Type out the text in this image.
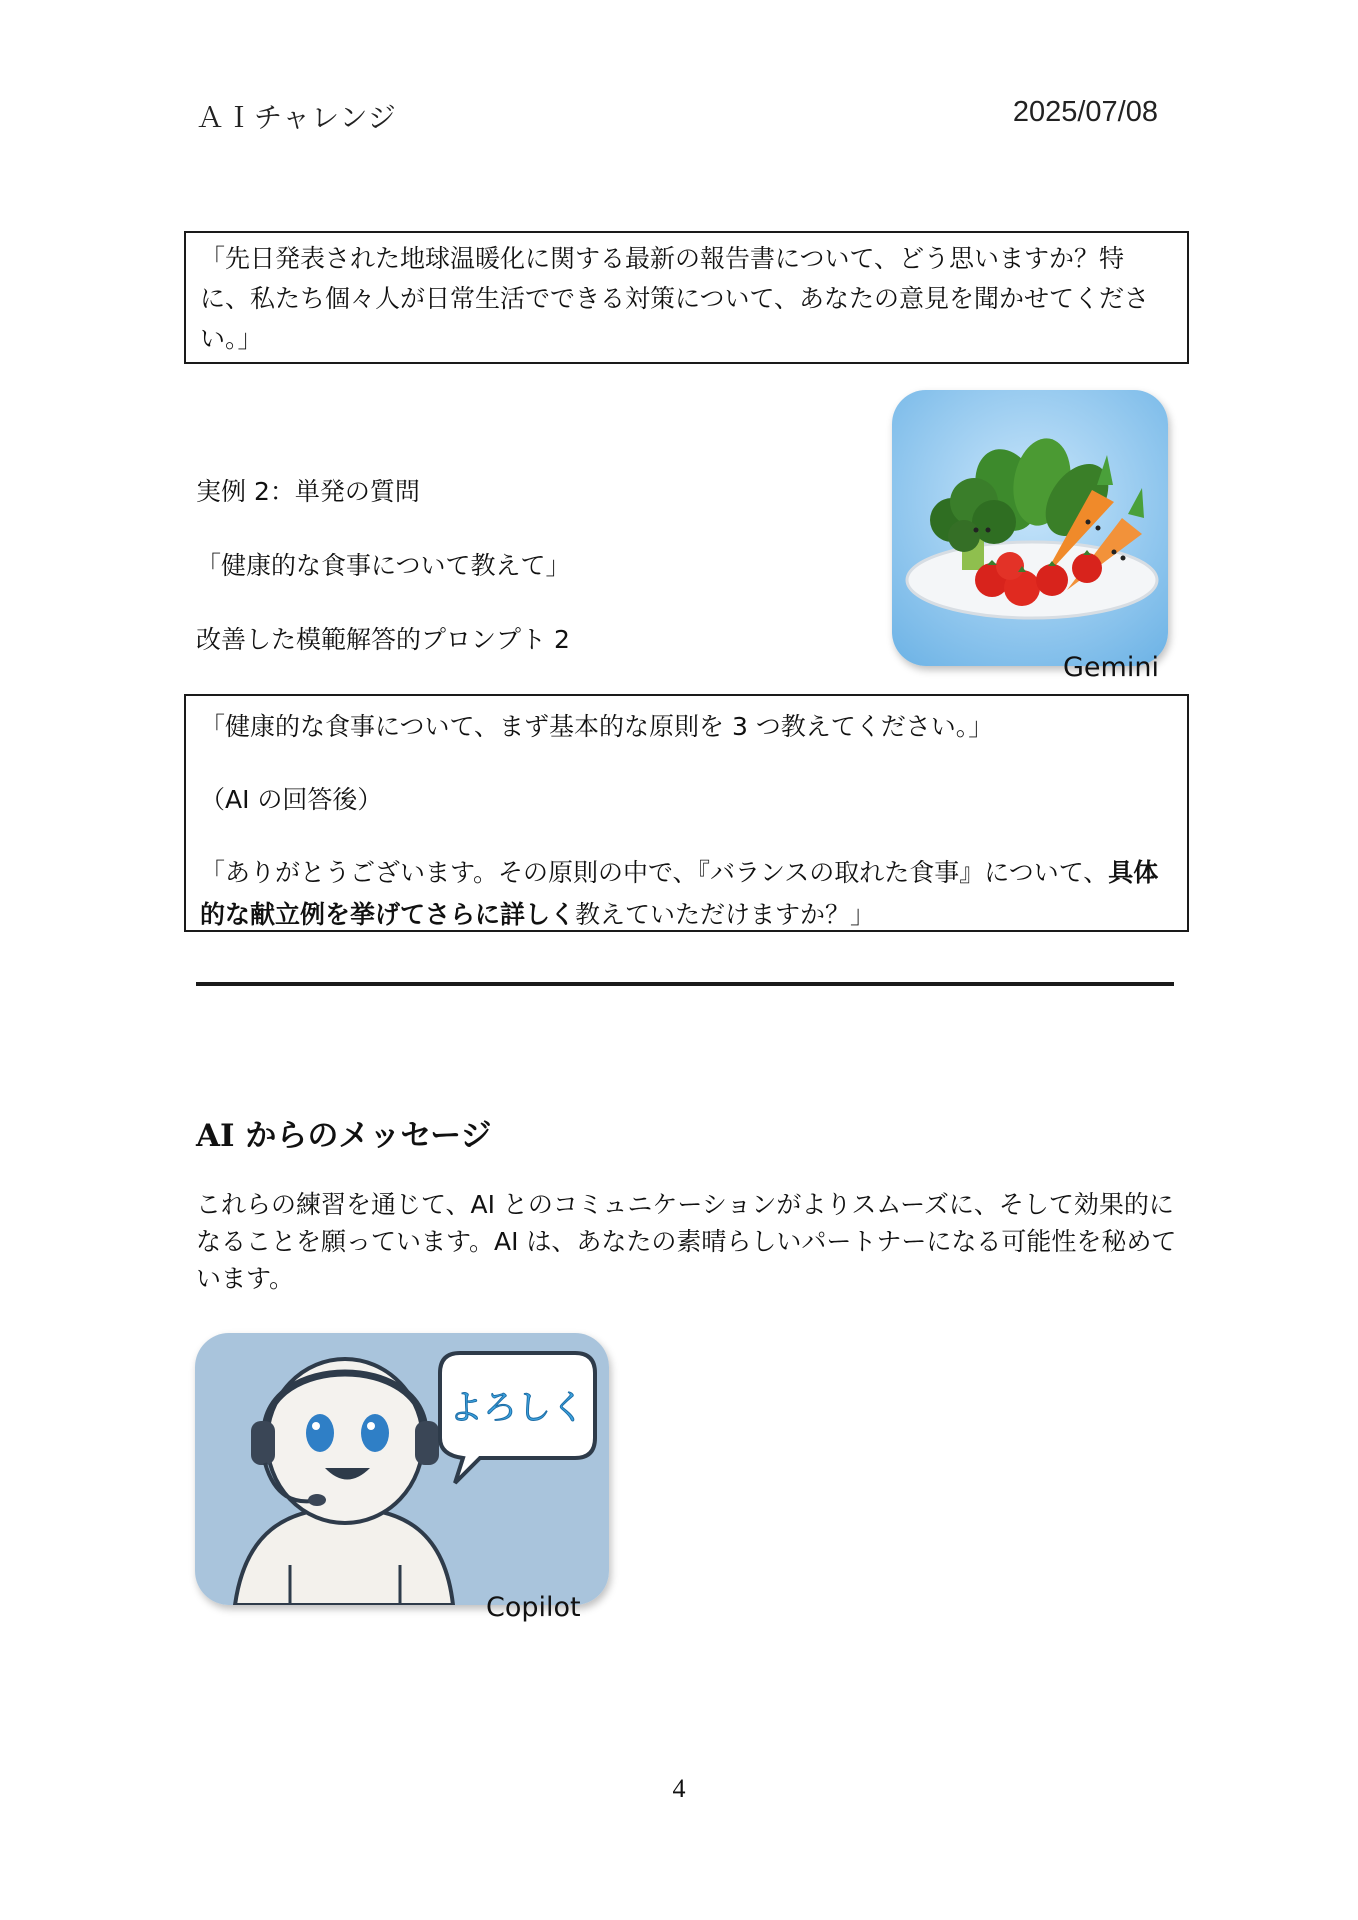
ＡＩチャレンジ	2025/07/08
「先日発表された地球温暖化に関する最新の報告書について、どう思いますか？特に、私たち個々人が日常生活でできる対策について、あなたの意見を聞かせてください。」
実例 2：単発の質問
「健康的な食事について教えて」
改善した模範解答的プロンプト 2
Gemini

「健康的な食事について、まず基本的な原則を 3 つ教えてください。」

（AI の回答後）

「ありがとうございます。その原則の中で、『バランスの取れた食事』について、具体的な献立例を挙げてさらに詳しく教えていただけますか？」

AI からのメッセージ
これらの練習を通じて、AI とのコミュニケーションがよりスムーズに、そして効果的になることを願っています。AI は、あなたの素晴らしいパートナーになる可能性を秘めています。
よろしく
Copilot
4
